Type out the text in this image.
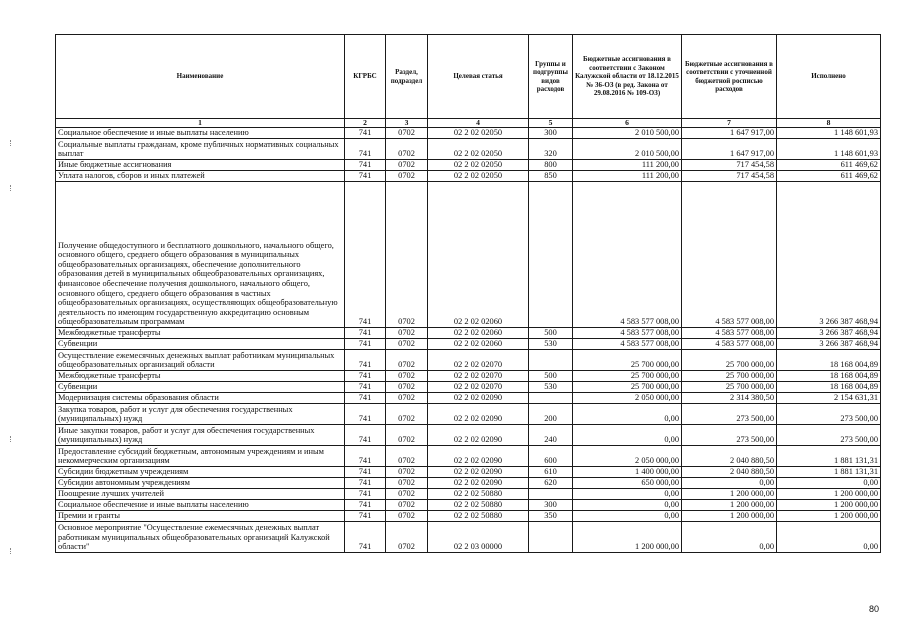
Наименование	КГРБС	Раздел, подраздел	Целевая статья	Группы и подгруппы видов расходов	Бюджетные ассигнования в соответствии с Законом Калужской области от 18.12.2015 № 36-ОЗ (в ред. Закона от 29.08.2016 № 109-ОЗ)	Бюджетные ассигнования в соответствии с уточненной бюджетной росписью расходов	Исполнено
1	2	3	4	5	6	7	8
Социальное обеспечение и иные выплаты населению	741	0702	02 2 02 02050	300	2 010 500,00	1 647 917,00	1 148 601,93
Социальные выплаты гражданам, кроме публичных нормативных социальных выплат	741	0702	02 2 02 02050	320	2 010 500,00	1 647 917,00	1 148 601,93
Иные бюджетные ассигнования	741	0702	02 2 02 02050	800	111 200,00	717 454,58	611 469,62
Уплата налогов, сборов и иных платежей	741	0702	02 2 02 02050	850	111 200,00	717 454,58	611 469,62
Получение общедоступного и бесплатного дошкольного, начального общего, основного общего, среднего общего образования в муниципальных общеобразовательных организациях, обеспечение дополнительного образования детей в муниципальных общеобразовательных организациях, финансовое обеспечение получения дошкольного, начального общего, основного общего, среднего общего образования в частных общеобразовательных организациях, осуществляющих общеобразовательную деятельность по имеющим государственную аккредитацию основным общеобразовательным программам	741	0702	02 2 02 02060		4 583 577 008,00	4 583 577 008,00	3 266 387 468,94
Межбюджетные трансферты	741	0702	02 2 02 02060	500	4 583 577 008,00	4 583 577 008,00	3 266 387 468,94
Субвенции	741	0702	02 2 02 02060	530	4 583 577 008,00	4 583 577 008,00	3 266 387 468,94
Осуществление ежемесячных денежных выплат работникам муниципальных общеобразовательных организаций области	741	0702	02 2 02 02070		25 700 000,00	25 700 000,00	18 168 004,89
Межбюджетные трансферты	741	0702	02 2 02 02070	500	25 700 000,00	25 700 000,00	18 168 004,89
Субвенции	741	0702	02 2 02 02070	530	25 700 000,00	25 700 000,00	18 168 004,89
Модернизация системы образования области	741	0702	02 2 02 02090		2 050 000,00	2 314 380,50	2 154 631,31
Закупка товаров, работ и услуг для обеспечения государственных (муниципальных) нужд	741	0702	02 2 02 02090	200	0,00	273 500,00	273 500,00
Иные закупки товаров, работ и услуг для обеспечения государственных (муниципальных) нужд	741	0702	02 2 02 02090	240	0,00	273 500,00	273 500,00
Предоставление субсидий бюджетным, автономным учреждениям и иным некоммерческим организациям	741	0702	02 2 02 02090	600	2 050 000,00	2 040 880,50	1 881 131,31
Субсидии бюджетным учреждениям	741	0702	02 2 02 02090	610	1 400 000,00	2 040 880,50	1 881 131,31
Субсидии автономным учреждениям	741	0702	02 2 02 02090	620	650 000,00	0,00	0,00
Поощрение лучших учителей	741	0702	02 2 02 50880		0,00	1 200 000,00	1 200 000,00
Социальное обеспечение и иные выплаты населению	741	0702	02 2 02 50880	300	0,00	1 200 000,00	1 200 000,00
Премии и гранты	741	0702	02 2 02 50880	350	0,00	1 200 000,00	1 200 000,00
Основное мероприятие "Осуществление ежемесячных денежных выплат работникам муниципальных общеобразовательных организаций Калужской области"	741	0702	02 2 03 00000		1 200 000,00	0,00	0,00
80
